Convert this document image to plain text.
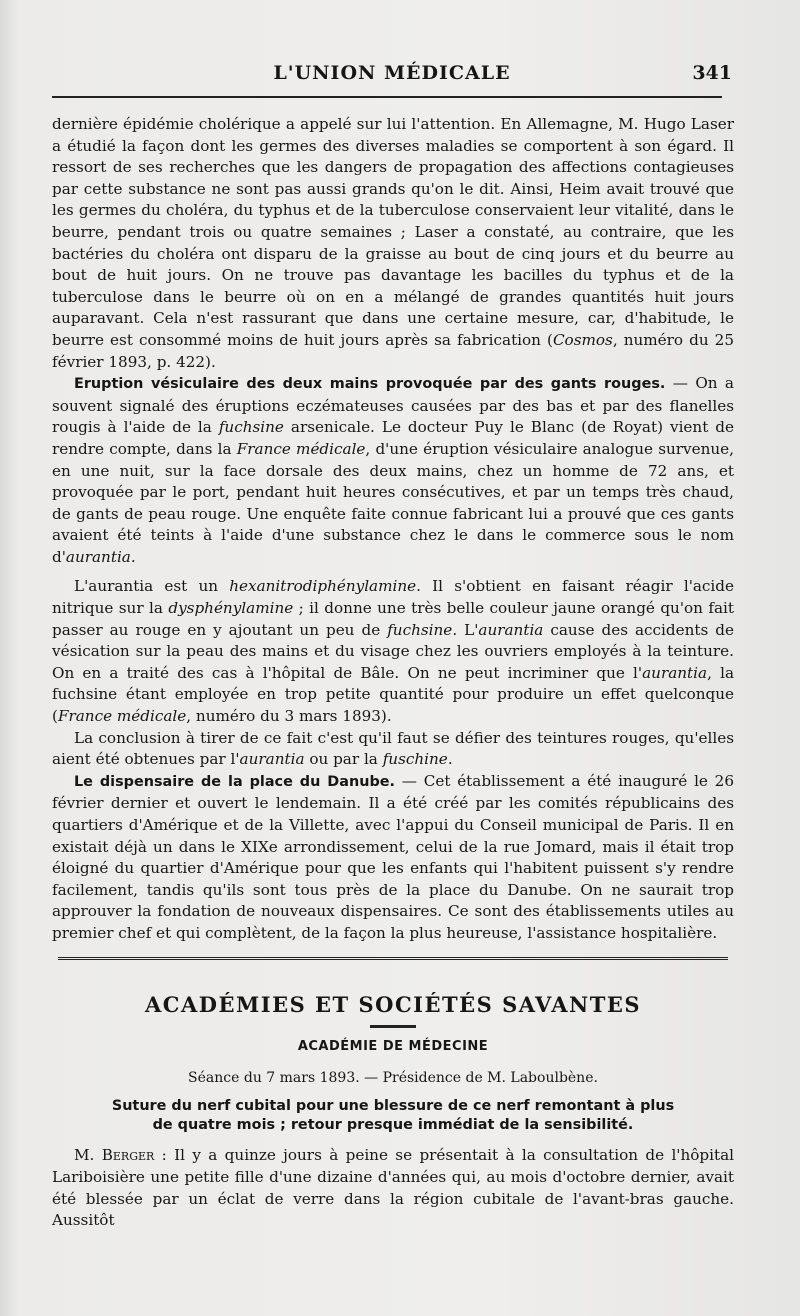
L'UNION MÉDICALE	341

dernière épidémie cholérique a appelé sur lui l'attention. En Allemagne, M. Hugo Laser a étudié la façon dont les germes des diverses maladies se comportent à son égard. Il ressort de ses recherches que les dangers de propagation des affections contagieuses par cette substance ne sont pas aussi grands qu'on le dit. Ainsi, Heim avait trouvé que les germes du choléra, du typhus et de la tuberculose conservaient leur vitalité, dans le beurre, pendant trois ou quatre semaines ; Laser a constaté, au contraire, que les bactéries du choléra ont disparu de la graisse au bout de cinq jours et du beurre au bout de huit jours. On ne trouve pas davantage les bacilles du typhus et de la tuberculose dans le beurre où on en a mélangé de grandes quantités huit jours auparavant. Cela n'est rassurant que dans une certaine mesure, car, d'habitude, le beurre est consommé moins de huit jours après sa fabrication (Cosmos, numéro du 25 février 1893, p. 422).

Eruption vésiculaire des deux mains provoquée par des gants rouges. — On a souvent signalé des éruptions eczémateuses causées par des bas et par des flanelles rougis à l'aide de la fuchsine arsenicale. Le docteur Puy le Blanc (de Royat) vient de rendre compte, dans la France médicale, d'une éruption vésiculaire analogue survenue, en une nuit, sur la face dorsale des deux mains, chez un homme de 72 ans, et provoquée par le port, pendant huit heures consécutives, et par un temps très chaud, de gants de peau rouge. Une enquête faite connue fabricant lui a prouvé que ces gants avaient été teints à l'aide d'une substance chez le dans le commerce sous le nom d'aurantia.

L'aurantia est un hexanitrodiphénylamine. Il s'obtient en faisant réagir l'acide nitrique sur la dysphénylamine ; il donne une très belle couleur jaune orangé qu'on fait passer au rouge en y ajoutant un peu de fuchsine. L'aurantia cause des accidents de vésication sur la peau des mains et du visage chez les ouvriers employés à la teinture. On en a traité des cas à l'hôpital de Bâle. On ne peut incriminer que l'aurantia, la fuchsine étant employée en trop petite quantité pour produire un effet quelconque (France médicale, numéro du 3 mars 1893).

La conclusion à tirer de ce fait c'est qu'il faut se défier des teintures rouges, qu'elles aient été obtenues par l'aurantia ou par la fuschine.

Le dispensaire de la place du Danube. — Cet établissement a été inauguré le 26 février dernier et ouvert le lendemain. Il a été créé par les comités républicains des quartiers d'Amérique et de la Villette, avec l'appui du Conseil municipal de Paris. Il en existait déjà un dans le XIXe arrondissement, celui de la rue Jomard, mais il était trop éloigné du quartier d'Amérique pour que les enfants qui l'habitent puissent s'y rendre facilement, tandis qu'ils sont tous près de la place du Danube. On ne saurait trop approuver la fondation de nouveaux dispensaires. Ce sont des établissements utiles au premier chef et qui complètent, de la façon la plus heureuse, l'assistance hospitalière.

ACADÉMIES ET SOCIÉTÉS SAVANTES
ACADÉMIE DE MÉDECINE
Séance du 7 mars 1893. — Présidence de M. Laboulbène.
Suture du nerf cubital pour une blessure de ce nerf remontant à plus
de quatre mois ; retour presque immédiat de la sensibilité.

M. Berger : Il y a quinze jours à peine se présentait à la consultation de l'hôpital Lariboisière une petite fille d'une dizaine d'années qui, au mois d'octobre dernier, avait été blessée par un éclat de verre dans la région cubitale de l'avant-bras gauche. Aussitôt
